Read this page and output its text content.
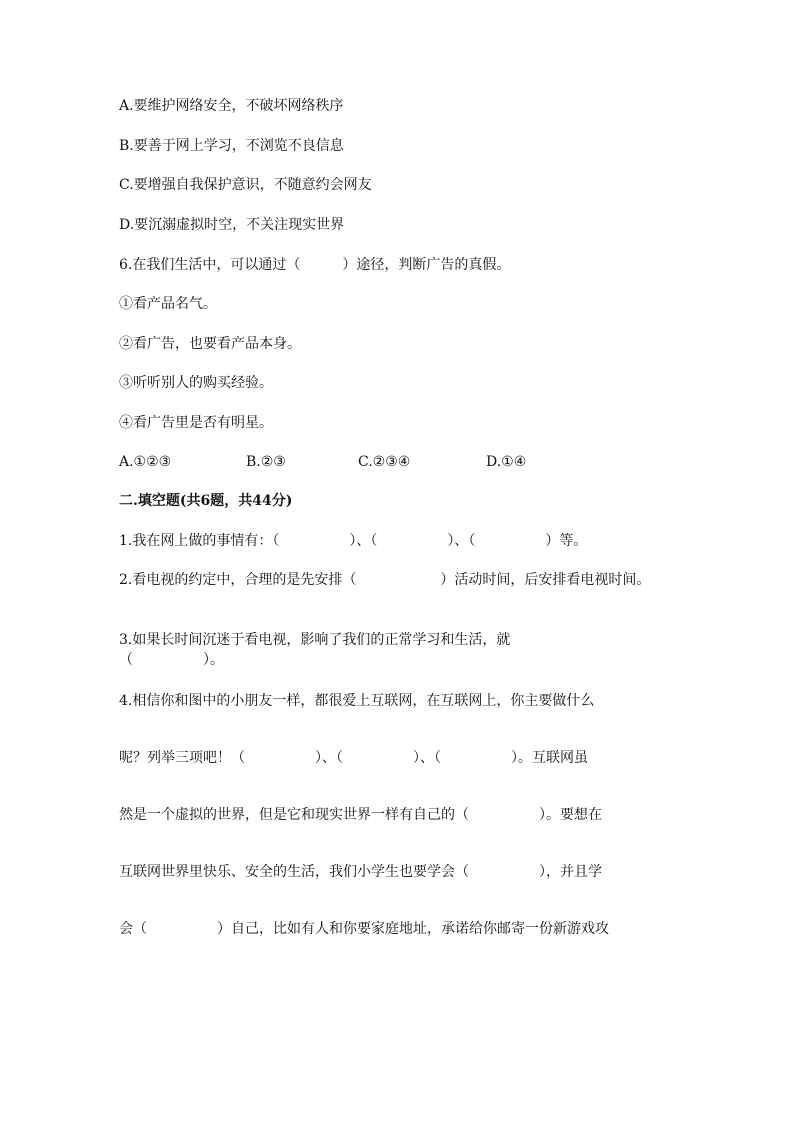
A.要维护网络安全，不破坏网络秩序
B.要善于网上学习，不浏览不良信息
C.要增强自我保护意识，不随意约会网友
D.要沉溺虚拟时空，不关注现实世界
6.在我们生活中，可以通过（　　　）途径，判断广告的真假。
①看产品名气。
②看广告，也要看产品本身。
③听听别人的购买经验。
④看广告里是否有明星。
A.①②③	B.②③	C.②③④	D.①④
二.填空题(共6题，共44分)
1.我在网上做的事情有：（　　　　　）、（　　　　　）、（　　　　　）等。
2.看电视的约定中，合理的是先安排（　　　　　　）活动时间，后安排看电视时间。
3.如果长时间沉迷于看电视，影响了我们的正常学习和生活，就
（　　　　　）。
4.相信你和图中的小朋友一样，都很爱上互联网，在互联网上，你主要做什么
呢？列举三项吧！（　　　　　）、（　　　　　）、（　　　　　）。互联网虽
然是一个虚拟的世界，但是它和现实世界一样有自己的（　　　　　）。要想在
互联网世界里快乐、安全的生活，我们小学生也要学会（　　　　　），并且学
会（　　　　　）自己，比如有人和你要家庭地址，承诺给你邮寄一份新游戏攻
